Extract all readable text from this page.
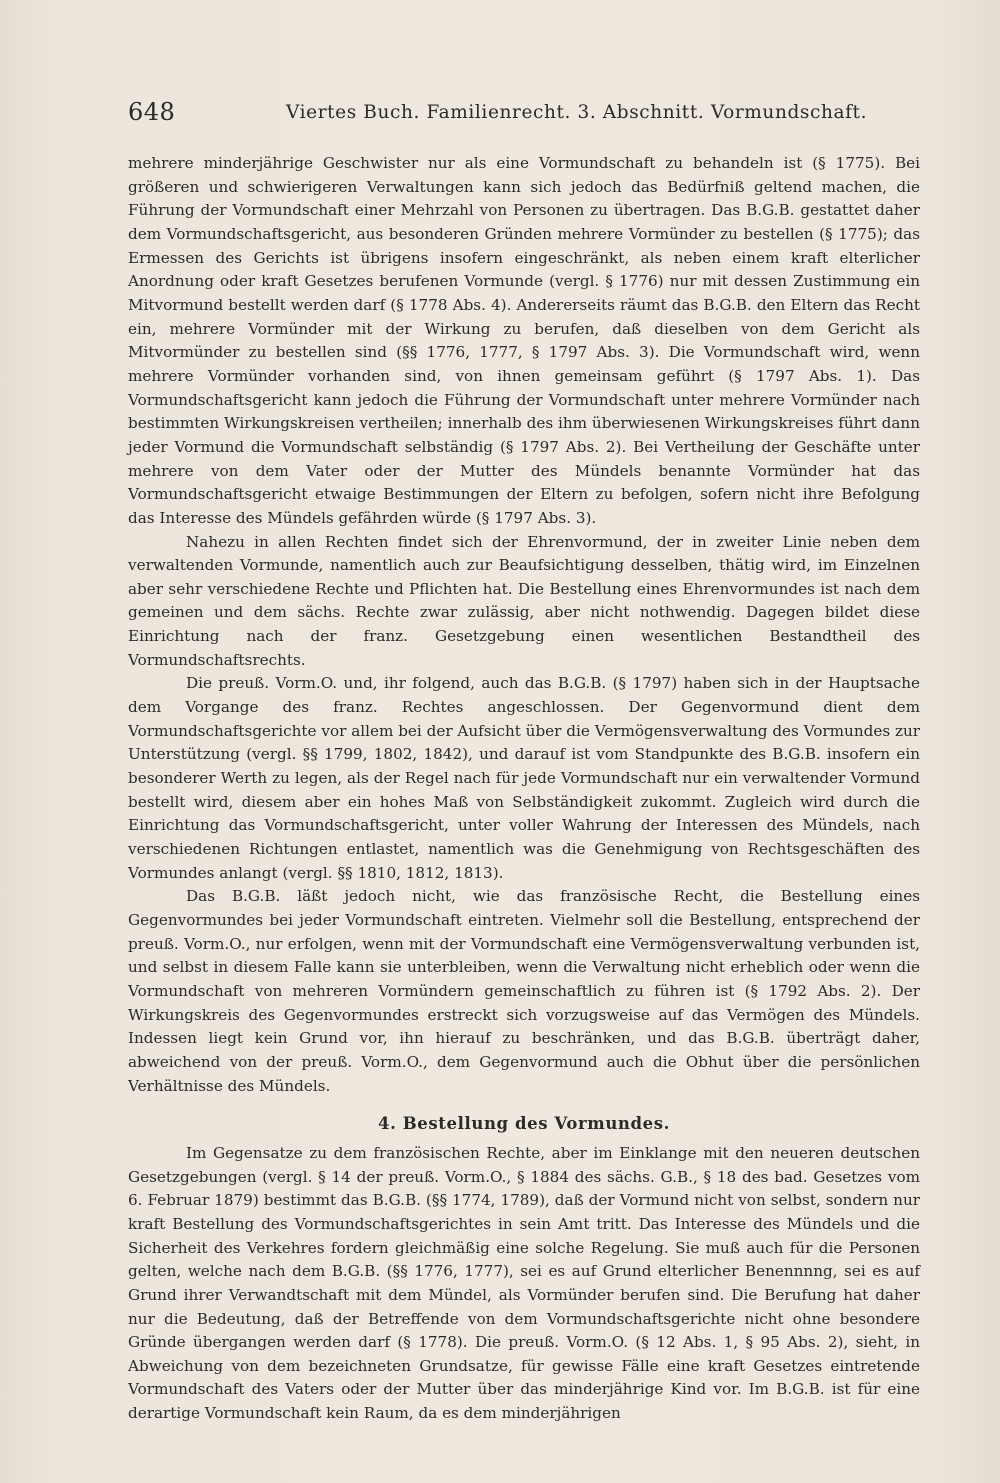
648	Viertes Buch. Familienrecht. 3. Abschnitt. Vormundschaft.

mehrere minderjährige Geschwister nur als eine Vormundschaft zu behandeln ist (§ 1775). Bei größeren und schwierigeren Verwaltungen kann sich jedoch das Bedürfniß geltend machen, die Führung der Vormundschaft einer Mehrzahl von Personen zu übertragen. Das B.G.B. gestattet daher dem Vormundschaftsgericht, aus besonderen Gründen mehrere Vormünder zu bestellen (§ 1775); das Ermessen des Gerichts ist übrigens insofern eingeschränkt, als neben einem kraft elterlicher Anordnung oder kraft Gesetzes berufenen Vormunde (vergl. § 1776) nur mit dessen Zustimmung ein Mitvormund bestellt werden darf (§ 1778 Abs. 4). Andererseits räumt das B.G.B. den Eltern das Recht ein, mehrere Vormünder mit der Wirkung zu berufen, daß dieselben von dem Gericht als Mitvormünder zu bestellen sind (§§ 1776, 1777, § 1797 Abs. 3). Die Vormundschaft wird, wenn mehrere Vormünder vorhanden sind, von ihnen gemeinsam geführt (§ 1797 Abs. 1). Das Vormundschaftsgericht kann jedoch die Führung der Vormundschaft unter mehrere Vormünder nach bestimmten Wirkungskreisen vertheilen; innerhalb des ihm überwiesenen Wirkungskreises führt dann jeder Vormund die Vormundschaft selbständig (§ 1797 Abs. 2). Bei Vertheilung der Geschäfte unter mehrere von dem Vater oder der Mutter des Mündels benannte Vormünder hat das Vormundschaftsgericht etwaige Bestimmungen der Eltern zu befolgen, sofern nicht ihre Befolgung das Interesse des Mündels gefährden würde (§ 1797 Abs. 3).

Nahezu in allen Rechten findet sich der Ehrenvormund, der in zweiter Linie neben dem verwaltenden Vormunde, namentlich auch zur Beaufsichtigung desselben, thätig wird, im Einzelnen aber sehr verschiedene Rechte und Pflichten hat. Die Bestellung eines Ehrenvormundes ist nach dem gemeinen und dem sächs. Rechte zwar zulässig, aber nicht nothwendig. Dagegen bildet diese Einrichtung nach der franz. Gesetzgebung einen wesentlichen Bestandtheil des Vormundschaftsrechts.

Die preuß. Vorm.O. und, ihr folgend, auch das B.G.B. (§ 1797) haben sich in der Hauptsache dem Vorgange des franz. Rechtes angeschlossen. Der Gegenvormund dient dem Vormundschaftsgerichte vor allem bei der Aufsicht über die Vermögensverwaltung des Vormundes zur Unterstützung (vergl. §§ 1799, 1802, 1842), und darauf ist vom Standpunkte des B.G.B. insofern ein besonderer Werth zu legen, als der Regel nach für jede Vormundschaft nur ein verwaltender Vormund bestellt wird, diesem aber ein hohes Maß von Selbständigkeit zukommt. Zugleich wird durch die Einrichtung das Vormundschaftsgericht, unter voller Wahrung der Interessen des Mündels, nach verschiedenen Richtungen entlastet, namentlich was die Genehmigung von Rechtsgeschäften des Vormundes anlangt (vergl. §§ 1810, 1812, 1813).

Das B.G.B. läßt jedoch nicht, wie das französische Recht, die Bestellung eines Gegenvormundes bei jeder Vormundschaft eintreten. Vielmehr soll die Bestellung, entsprechend der preuß. Vorm.O., nur erfolgen, wenn mit der Vormundschaft eine Vermögensverwaltung verbunden ist, und selbst in diesem Falle kann sie unterbleiben, wenn die Verwaltung nicht erheblich oder wenn die Vormundschaft von mehreren Vormündern gemeinschaftlich zu führen ist (§ 1792 Abs. 2). Der Wirkungskreis des Gegenvormundes erstreckt sich vorzugsweise auf das Vermögen des Mündels. Indessen liegt kein Grund vor, ihn hierauf zu beschränken, und das B.G.B. überträgt daher, abweichend von der preuß. Vorm.O., dem Gegenvormund auch die Obhut über die persönlichen Verhältnisse des Mündels.

4. Bestellung des Vormundes.

Im Gegensatze zu dem französischen Rechte, aber im Einklange mit den neueren deutschen Gesetzgebungen (vergl. § 14 der preuß. Vorm.O., § 1884 des sächs. G.B., § 18 des bad. Gesetzes vom 6. Februar 1879) bestimmt das B.G.B. (§§ 1774, 1789), daß der Vormund nicht von selbst, sondern nur kraft Bestellung des Vormundschaftsgerichtes in sein Amt tritt. Das Interesse des Mündels und die Sicherheit des Verkehres fordern gleichmäßig eine solche Regelung. Sie muß auch für die Personen gelten, welche nach dem B.G.B. (§§ 1776, 1777), sei es auf Grund elterlicher Benennnng, sei es auf Grund ihrer Verwandtschaft mit dem Mündel, als Vormünder berufen sind. Die Berufung hat daher nur die Bedeutung, daß der Betreffende von dem Vormundschaftsgerichte nicht ohne besondere Gründe übergangen werden darf (§ 1778). Die preuß. Vorm.O. (§ 12 Abs. 1, § 95 Abs. 2), sieht, in Abweichung von dem bezeichneten Grundsatze, für gewisse Fälle eine kraft Gesetzes eintretende Vormundschaft des Vaters oder der Mutter über das minderjährige Kind vor. Im B.G.B. ist für eine derartige Vormundschaft kein Raum, da es dem minderjährigen
